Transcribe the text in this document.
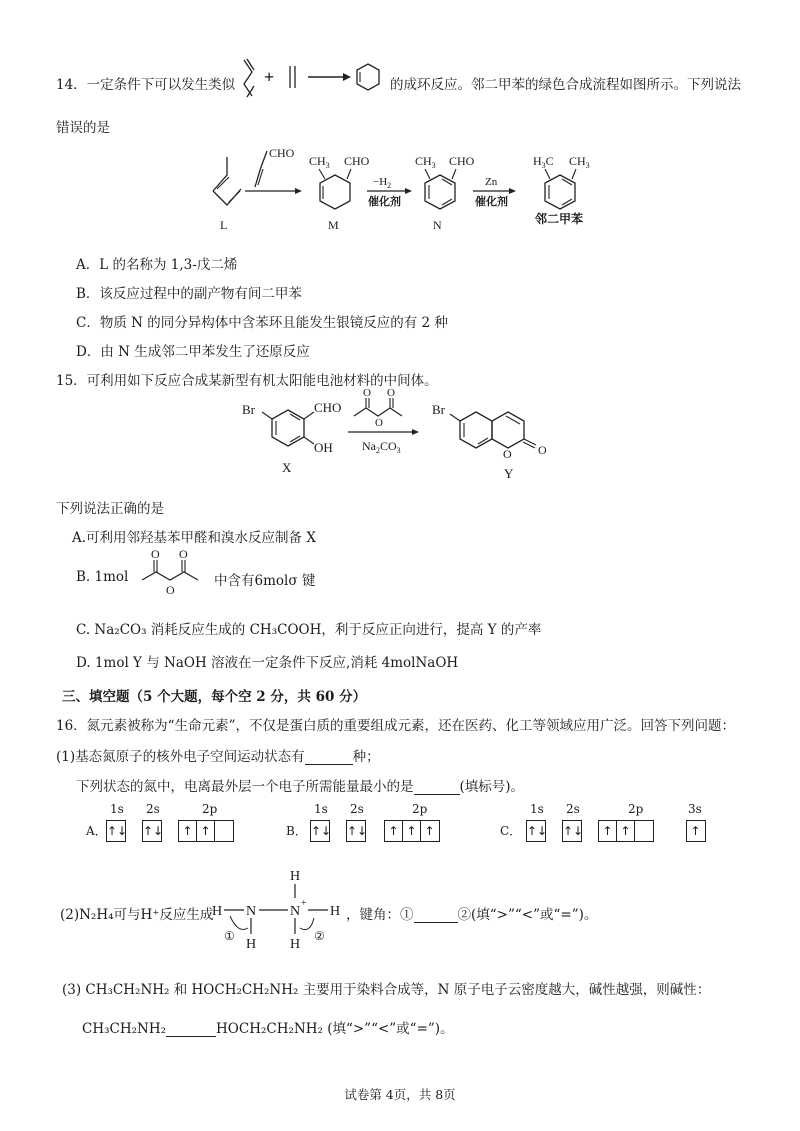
14．一定条件下可以发生类似 +	的成环反应。邻二甲苯的绿色合成流程如图所示。下列说法
错误的是
L
CHO
$CH_3$ CHO
M
$-H_2$
催化剂
$CH_3$ CHO
N
Zn
催化剂
$H_3C$ $CH_3$
邻二甲苯
A．L 的名称为 1,3-戊二烯
B．该反应过程中的副产物有间二甲苯
C．物质 N 的同分异构体中含苯环且能发生银镜反应的有 2 种
D．由 N 生成邻二甲苯发生了还原反应
15．可利用如下反应合成某新型有机太阳能电池材料的中间体。
Br	CHO
OH
X
O O
O
$Na_2CO_3$
Br
O O
Y
下列说法正确的是
A.可利用邻羟基苯甲醛和溴水反应制备 X
B. 1mol
O O
O
中含有6molσ 键
C. Na₂CO₃ 消耗反应生成的 CH₃COOH，利于反应正向进行，提高 Y 的产率
D. 1mol Y 与 NaOH 溶液在一定条件下反应,消耗 4molNaOH
三、填空题（5 个大题，每个空 2 分，共 60 分）
16．氮元素被称为“生命元素”，不仅是蛋白质的重要组成元素，还在医药、化工等领域应用广泛。回答下列问题：
(1)基态氮原子的核外电子空间运动状态有	种；
下列状态的氮中，电离最外层一个电子所需能量最小的是	(填标号)。
A．
1s 2s	2p
↑↓ ↑↓ ↑ ↑	B．
1s 2s	2p
↑↓ ↑↓ ↑ ↑ ↑	C．
1s 2s	2p	3s
↑↓ ↑↓ ↑ ↑	↑
(2)N₂H₄可与H⁺反应生成
H N N
+
H
H
H H
①	②
，键角：①	②(填“>”“<”或“=”)。
(3) CH₃CH₂NH₂ 和 HOCH₂CH₂NH₂ 主要用于染料合成等，N 原子电子云密度越大，碱性越强，则碱性：
CH₃CH₂NH₂	HOCH₂CH₂NH₂ (填“>”“<”或“=”)。
试卷第 4页，共 8页
